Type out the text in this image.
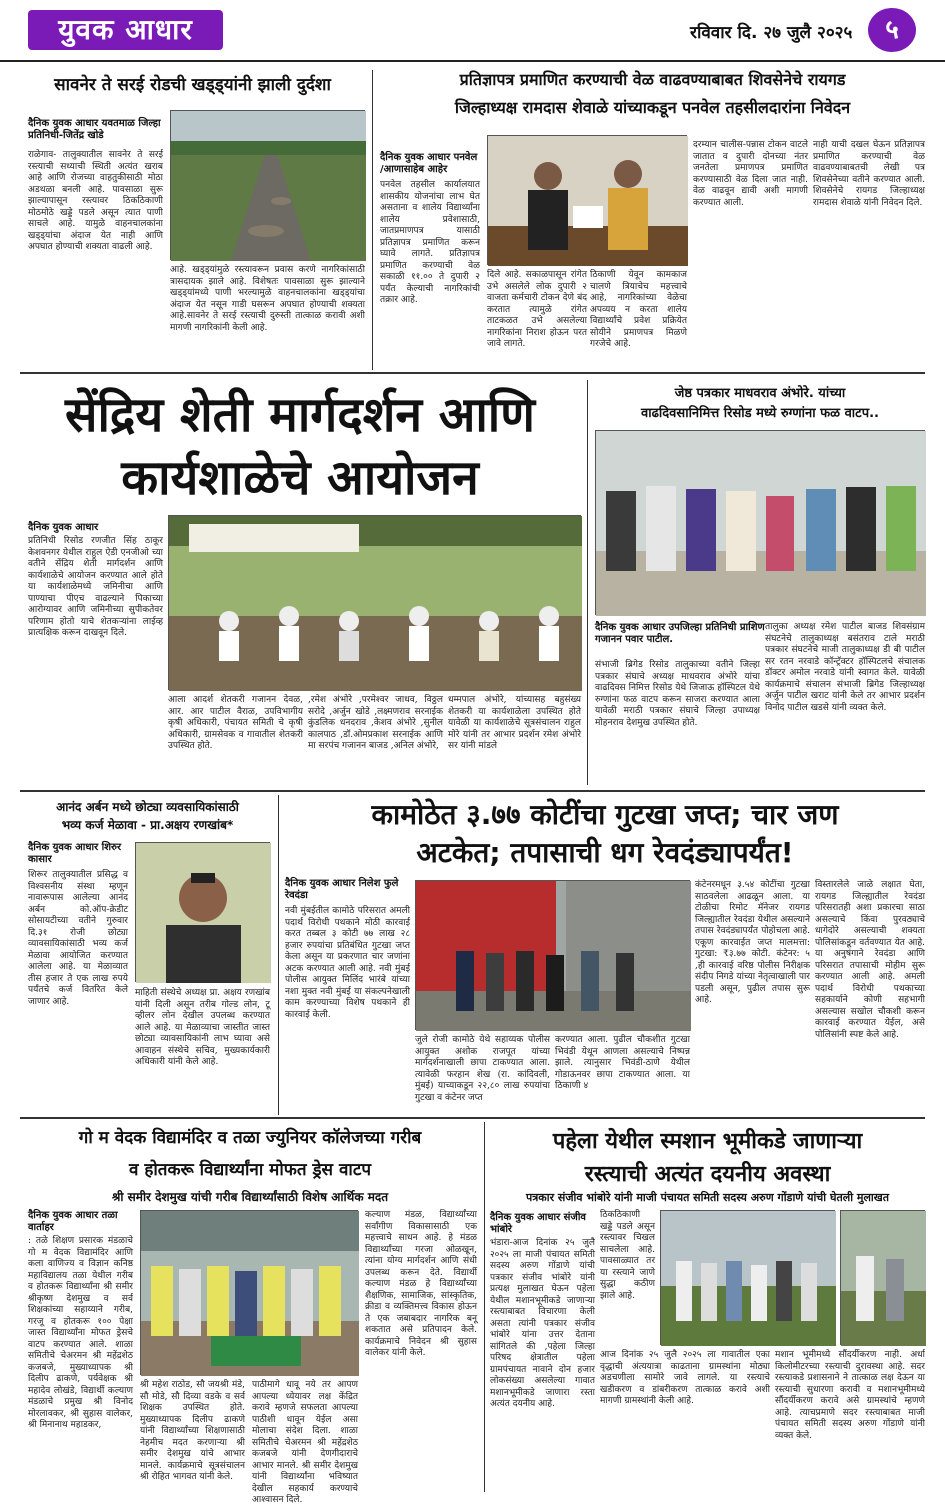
युवक आधार	रविवार दि. २७ जुलै २०२५	५
सावनेर ते सरई रोडची खड्ड्यांनी झाली दुर्दशा
दैनिक युवक आधार यवतमाळ जिल्हा प्रतिनिधी-जितेंद्र खोडे
राळेगाव- तालुक्यातील सावनेर ते सरई रस्त्याची सध्याची स्थिती अत्यंत खराब आहे आणि रोजच्या वाहतुकीसाठी मोठा अडथळा बनली आहे. पावसाळा सुरू झाल्यापासून रस्त्यावर ठिकठिकाणी मोठमोठे खड्डे पडले असून त्यात पाणी साचले आहे. यामुळे वाहनचालकांना खड्ड्यांचा अंदाज येत नाही आणि अपघात होण्याची शक्यता वाढली आहे.
आहे. खड्ड्यांमुळे रस्त्यावरून प्रवास करणे नागरिकांसाठी त्रासदायक झाले आहे. विशेषतः पावसाळा सुरू झाल्याने खड्ड्यांमध्ये पाणी भरल्यामुळे वाहनचालकांना खड्ड्यांचा अंदाज येत नसून गाडी घसरून अपघात होण्याची शक्यता आहे.सावनेर ते सरई रस्त्याची दुरुस्ती तात्काळ करावी अशी मागणी नागरिकांनी केली आहे.
प्रतिज्ञापत्र प्रमाणित करण्याची वेळ वाढवण्याबाबत शिवसेनेचे रायगड
जिल्हाध्यक्ष रामदास शेवाळे यांच्याकडून पनवेल तहसीलदारांना निवेदन
दैनिक युवक आधार पनवेल /आणासाहेब आहेर
पनवेल तहसील कार्यालयात शासकीय योजनांचा लाभ घेत असताना व शालेय विद्यार्थ्यांना शालेय प्रवेशासाठी, जातप्रमाणपत्र यासाठी प्रतिज्ञापत्र प्रमाणित करून घ्यावे लागते. प्रतिज्ञापत्र प्रमाणित करण्याची वेळ सकाळी ११.०० ते दुपारी २ पर्यंत केल्याची नागरिकांची तक्रार आहे.
दिले आहे. सकाळपासून रांगेत उभे असलेले लोक दुपारी २ वाजता कर्मचारी टोकन देणे बंद करतात त्यामुळे रांगेत ताटकळत उभे असलेल्या नागरिकांना निराश होऊन परत जावे लागते.
ठिकाणी येवून कामकाज चालणे त्रियाचेच महत्त्वाचे आहे, नागरिकांच्या वेळेचा अपव्यय न करता शालेय विद्यार्थ्यांचे प्रवेश प्रक्रियेत सोयीने प्रमाणपत्र मिळणे गरजेचे आहे.
दरम्यान चालीस-पन्नास टोकन वाटले जातात व दुपारी दोनच्या नंतर जनतेला प्रमाणपत्र प्रमाणित करण्यासाठी वेळ दिला जात नाही. वेळ वाढवून द्यावी अशी मागणी करण्यात आली.
नाही याची दखल घेऊन प्रतिज्ञापत्र प्रमाणित करण्याची वेळ वाढवण्याबाबतची लेखी पत्र शिवसेनेच्या वतीने करण्यात आली. शिवसेनेचे रायगड जिल्हाध्यक्ष रामदास शेवाळे यांनी निवेदन दिले.
सेंद्रिय शेती मार्गदर्शन आणि
कार्यशाळेचे आयोजन
दैनिक युवक आधार
प्रतिनिधी रिसोड रणजीत सिंह ठाकूर केशवनगर येथील राहुल ऐडी एनजीओ च्या वतीने सेंद्रिय शेती मार्गदर्शन आणि कार्यशाळेचे आयोजन करण्यात आले होते या कार्यशाळेमध्ये जमिनीचा आणि पाण्याचा पीएच वाढल्याने पिकाच्या आरोग्यावर आणि जमिनीच्या सुपीकतेवर परिणाम होतो याचे शेतकऱ्यांना लाईव्ह प्रात्यक्षिक करून दाखवून दिले.
आला आदर्श शेतकरी गजानन देवळ, आर. आर पाटील वैराळ, उपविभागीय कृषी अधिकारी, पंचायत समिती चे कृषी अधिकारी, ग्रामसेवक व गावातील शेतकरी उपस्थित होते.
,रमेश अंभोरे ,परमेश्वर जाधव, विठ्ठल सरोदे ,अर्जुन खोडे ,लक्ष्मणराव सरनाईक कुंडलिक धनदराव ,केशव अंभोरे ,सुनील कालपाठ ,डॉ.ओमप्रकाश सरनाईक आणि मा सरपंच गजानन बाजड ,अनिल अंभोरे,
धम्मपाल अंभोरे, यांच्यासह बहुसंख्य शेतकरी या कार्यशाळेला उपस्थित होते यावेळी या कार्यशाळेचे सूत्रसंचालन राहुल मोरे यांनी तर आभार प्रदर्शन रमेश अंभोरे सर यांनी मांडले
जेष्ठ पत्रकार माधवराव अंभोरे. यांच्या
वाढदिवसानिमित्त रिसोड मध्ये रुग्णांना फळ वाटप..
दैनिक युवक आधार उपजिल्हा प्रतिनिधी प्राशिण गजानन पवार पाटील.
संभाजी ब्रिगेड रिसोड तालुकाच्या वतीने जिल्हा पत्रकार संघाचे अध्यक्ष माधवराव अंभोरे यांचा वाढदिवस निमित्त रिसोड येथे जिजाऊ हॉस्पिटल येथे रुग्णांना फळ वाटप करून साजरा करण्यात आला यावेळी मराठी पत्रकार संघाचे जिल्हा उपाध्यक्ष मोहनराव देशमुख उपस्थित होते.
तालुका अध्यक्ष रमेश पाटील बाजड शिवसंग्राम संघटनेचे तालुकाध्यक्ष बसंतराव टाले मराठी पत्रकार संघटनेचे माजी तालुकाध्यक्ष डी बी पाटील सर रतन नरवाडे कॉन्ट्रॅक्टर हॉस्पिटलचे संचालक डॉक्टर अमोल नरवाडे यांनी स्वागत केले. यावेळी कार्यक्रमाचे संचालन संभाजी ब्रिगेड जिल्हाध्यक्ष अर्जुन पाटील खराट यांनी केले तर आभार प्रदर्शन विनोद पाटील खडसे यांनी व्यक्त केले.
आनंद अर्बन मध्ये छोट्या व्यवसायिकांसाठी
भव्य कर्ज मेळावा - प्रा.अक्षय रणखांब*
दैनिक युवक आधार शिरुर कासार
शिरूर तालुक्यातील प्रसिद्ध व विश्वसनीय संस्था म्हणून नावारूपास आलेल्या आनंद अर्बन को.ऑप-क्रेडीट सोसायटीच्या वतीने गुरुवार दि.३१ रोजी छोट्या व्यावसायिकांसाठी भव्य कर्ज मेळावा आयोजित करण्यात आलेला आहे. या मेळाव्यात तीस हजार ते एक लाख रुपये पर्यंतचे कर्ज वितरित केले जाणार आहे.
माहिती संस्थेचे अध्यक्ष प्रा. अक्षय रणखांब यांनी दिली असून तरीब गोल्ड लोन, टू व्हीलर लोन देखील उपलब्ध करण्यात आले आहे. या मेळाव्याचा जास्तीत जास्त छोट्या व्यावसायिकांनी लाभ घ्यावा असे आवाहन संस्थेचे सचिव, मुख्यकार्यकारी अधिकारी यांनी केले आहे.
कामोठेत ३.७७ कोटींचा गुटखा जप्त; चार जण
अटकेत; तपासाची धग रेवदंड्यापर्यंत!
दैनिक युवक आधार निलेश फुले रेवदंडा
नवी मुंबईतील कामोठे परिसरात अमली पदार्थ विरोधी पथकाने मोठी कारवाई करत तब्बल ३ कोटी ७७ लाख २८ हजार रुपयांचा प्रतिबंधित गुटखा जप्त केला असून या प्रकरणात चार जणांना अटक करण्यात आली आहे. नवी मुंबई पोलीस आयुक्त मिलिंद भारंबे यांच्या नशा मुक्त नवी मुंबई या संकल्पनेखाली काम करण्याच्या विशेष पथकाने ही कारवाई केली.
जुले रोजी कामोठे येथे सहाय्यक पोलीस आयुक्त अशोक राजपूत यांच्या मार्गदर्शनाखाली छापा टाकण्यात आला. त्यावेळी फरहान शेख (रा. कांदिवली, मुंबई) याच्याकडून २२,८० लाख रुपयांचा गुटखा व कंटेनर जप्त
करण्यात आला. पुढील चौकशीत गुटखा भिवंडी येथून आणला असल्याचे निष्पन्न झाले. त्यानुसार भिवंडी-ठाणे येथील गोडाऊनवर छापा टाकण्यात आला. या ठिकाणी ४
कंटेनरमधून ३.५४ कोटींचा गुटखा साठवलेला आढळून आला. या टोळीचा रिमोट मॅनेजर रायगड जिल्ह्यातील रेवदंडा येथील असल्याने तपास रेवदंड्यापर्यंत पोहोचला आहे. एकूण कारवाईत जप्त मालमत्ता: गुटखा: ₹३.७७ कोटी. कंटेनर: ५ ,ही कारवाई वरिष्ठ पोलीस निरीक्षक संदीप निगडे यांच्या नेतृत्वाखाली पार पडली असून, पुढील तपास सुरू आहे.
विस्तारलेले जाळे लक्षात घेता, रायगड जिल्ह्यातील रेवदंडा परिसरातही अशा प्रकारचा साठा असल्याचे किंवा पुरवठ्याचे धागेदोरे असल्याची शक्यता पोलिसांकडून वर्तवण्यात येत आहे. या अनुषंगाने रेवदंडा आणि परिसरात तपासाची मोहीम सुरू करण्यात आली आहे. अमली पदार्थ विरोधी पथकाच्या सहकार्याने कोणी सहभागी असल्यास सखोल चौकशी करून कारवाई करण्यात येईल, असे पोलिसांनी स्पष्ट केले आहे.
गो म वेदक विद्यामंदिर व तळा ज्युनियर कॉलेजच्या गरीब
व होतकरू विद्यार्थ्यांना मोफत ड्रेस वाटप
श्री समीर देशमुख यांची गरीब विद्यार्थ्यांसाठी विशेष आर्थिक मदत
दैनिक युवक आधार तळा वार्ताहर
: तळे शिक्षण प्रसारक मंडळाचे गो म वेदक विद्यामंदिर आणि कला वाणिज्य व विज्ञान कनिष्ठ महाविद्यालय तळा येथील गरीब व होतकरू विद्यार्थ्यांना श्री समीर श्रीकृष्ण देशमुख व सर्व शिक्षकांच्या सहाय्याने गरीब, गरजू व होतकरू १०० पेक्षा जास्त विद्यार्थ्यांना मोफत ड्रेसचे वाटप करण्यात आले. शाळा समितीचे चेअरमन श्री महेंद्रशेठ कजबजे, मुख्याध्यापक श्री दिलीप ढाकणे, पर्यवेक्षक श्री महादेव लोखंडे, विद्यार्थी कल्याण मंडळाचे प्रमुख श्री विनोद मोरलावकर, श्री सुहास वालेकर, श्री मिनानाथ महाडकर,
श्री महेश राठोड, सौ जयश्री मंडे, सौ मोडे, सौ दिव्या वडके व सर्व शिक्षक उपस्थित होते. मुख्याध्यापक दिलीप ढाकणे यांनी विद्यार्थ्यांच्या शिक्षणासाठी नेहमीच मदत करणाऱ्या श्री समीर देशमुख यांचे आभार मानले. कार्यक्रमाचे सूत्रसंचालन श्री रोहित भागवत यांनी केले.
पाठीमागे धावू नये तर आपण आपल्या ध्येयावर लक्ष केंद्रित करावे म्हणजे सफलता आपल्या पाठीशी धावून येईल असा मोलाचा संदेश दिला. शाळा समितीचे चेअरमन श्री महेंद्रशेठ कजबजे यांनी देणगीदाराचे आभार मानले. श्री समीर देशमुख यांनी विद्यार्थ्यांना भविष्यात देखील सहकार्य करण्याचे आश्वासन दिले.
कल्याण मंडळ, विद्यार्थ्यांच्या सर्वांगीण विकासासाठी एक महत्त्वाचे साधन आहे. हे मंडळ विद्यार्थ्यांच्या गरजा ओळखून, त्यांना योग्य मार्गदर्शन आणि संधी उपलब्ध करून देते. विद्यार्थी कल्याण मंडळ हे विद्यार्थ्यांच्या शैक्षणिक, सामाजिक, सांस्कृतिक, क्रीडा व व्यक्तिमत्त्व विकास होऊन ते एक जबाबदार नागरिक बनू शकतात असे प्रतिपादन केले. कार्यक्रमाचे निवेदन श्री सुहास वालेकर यांनी केले.
पहेला येथील स्मशान भूमीकडे जाणाऱ्या
रस्त्याची अत्यंत दयनीय अवस्था
पत्रकार संजीव भांबोरे यांनी माजी पंचायत समिती सदस्य अरुण गोंडाणे यांची घेतली मुलाखत
दैनिक युवक आधार संजीव भांबोरे
भंडारा-आज दिनांक २५ जुलै २०२५ ला माजी पंचायत समिती सदस्य अरुण गोंडाणे यांची पत्रकार संजीव भांबोरे यांनी प्रत्यक्ष मुलाखत घेऊन पहेला येथील मशानभूमीकडे जाणाऱ्या रस्त्याबाबत विचारणा केली असता त्यांनी पत्रकार संजीव भांबोरे यांना उत्तर देताना सांगितले की ,पहेला जिल्हा परिषद क्षेत्रातील पहेला ग्रामपंचायत नावाने दोन हजार लोकसंख्या असलेल्या गावात मशानभूमीकडे जाणारा रस्ता अत्यंत दयनीय आहे.
ठिकठिकाणी खड्डे पडले असून रस्त्यावर चिखल साचलेला आहे. पावसाळ्यात तर या रस्त्याने जाणे सुद्धा कठीण झाले आहे.
आज दिनांक २५ जुलै २०२५ ला गावातील एका वृद्धाची अंत्ययात्रा काढताना ग्रामस्थांना मोठ्या अडचणीला सामोरे जावे लागले. या रस्त्याचे खडीकरण व डांबरीकरण तात्काळ करावे अशी मागणी ग्रामस्थांनी केली आहे.
मशान भूमीमध्ये सौंदर्यीकरण नाही. अर्धा किलोमीटरच्या रस्त्याची दुरावस्था आहे. सदर रस्त्याकडे प्रशासनाने ने तात्काळ लक्ष देऊन या रस्त्याची सुधारणा करावी व मशानभूमीमध्ये सौंदर्यीकरण करावे असे ग्रामस्थांचे म्हणणे आहे. त्याचप्रमाणे सदर रस्त्याबाबत माजी पंचायत समिती सदस्य अरुण गोंडाणे यांनी व्यक्त केले.
